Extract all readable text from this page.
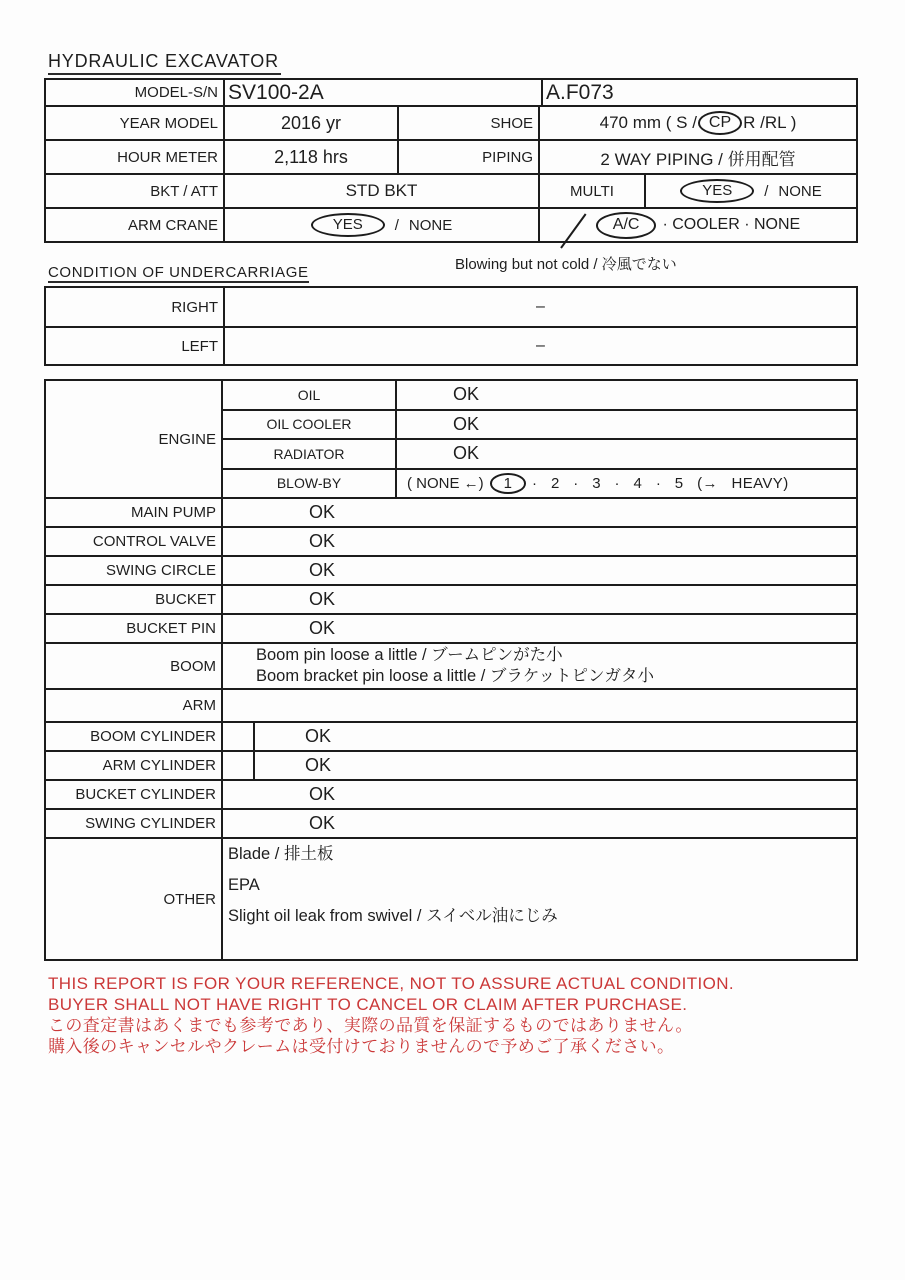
HYDRAULIC EXCAVATOR
MODEL-S/N SV100-2A	A.F073
YEAR MODEL	2016 yr	SHOE	470 mm ( S / CP R /RL )
HOUR METER	2,118 hrs	PIPING	2 WAY PIPING / 併用配管
BKT / ATT	STD BKT	MULTI	YES	/ NONE
ARM CRANE	YES	/ NONE	A/C	· COOLER · NONE
Blowing but not cold / 冷風でない
CONDITION OF UNDERCARRIAGE
RIGHT	–
LEFT	–
ENGINE
OIL	OK
OIL COOLER	OK
RADIATOR	OK
BLOW-BY	( NONE ←)	1	· 2 · 3 · 4 · 5 (→ HEAVY)
MAIN PUMP	OK
CONTROL VALVE	OK
SWING CIRCLE	OK
BUCKET	OK
BUCKET PIN	OK
BOOM
Boom pin loose a little / ブームピンがた小
Boom bracket pin loose a little / ブラケットピンガタ小
ARM
BOOM CYLINDER	OK
ARM CYLINDER	OK
BUCKET CYLINDER	OK
SWING CYLINDER	OK
OTHER
Blade / 排土板
EPA
Slight oil leak from swivel / スイベル油にじみ
THIS REPORT IS FOR YOUR REFERENCE, NOT TO ASSURE ACTUAL CONDITION.
BUYER SHALL NOT HAVE RIGHT TO CANCEL OR CLAIM AFTER PURCHASE.
この査定書はあくまでも参考であり、実際の品質を保証するものではありません。
購入後のキャンセルやクレームは受付けておりませんので予めご了承ください。
